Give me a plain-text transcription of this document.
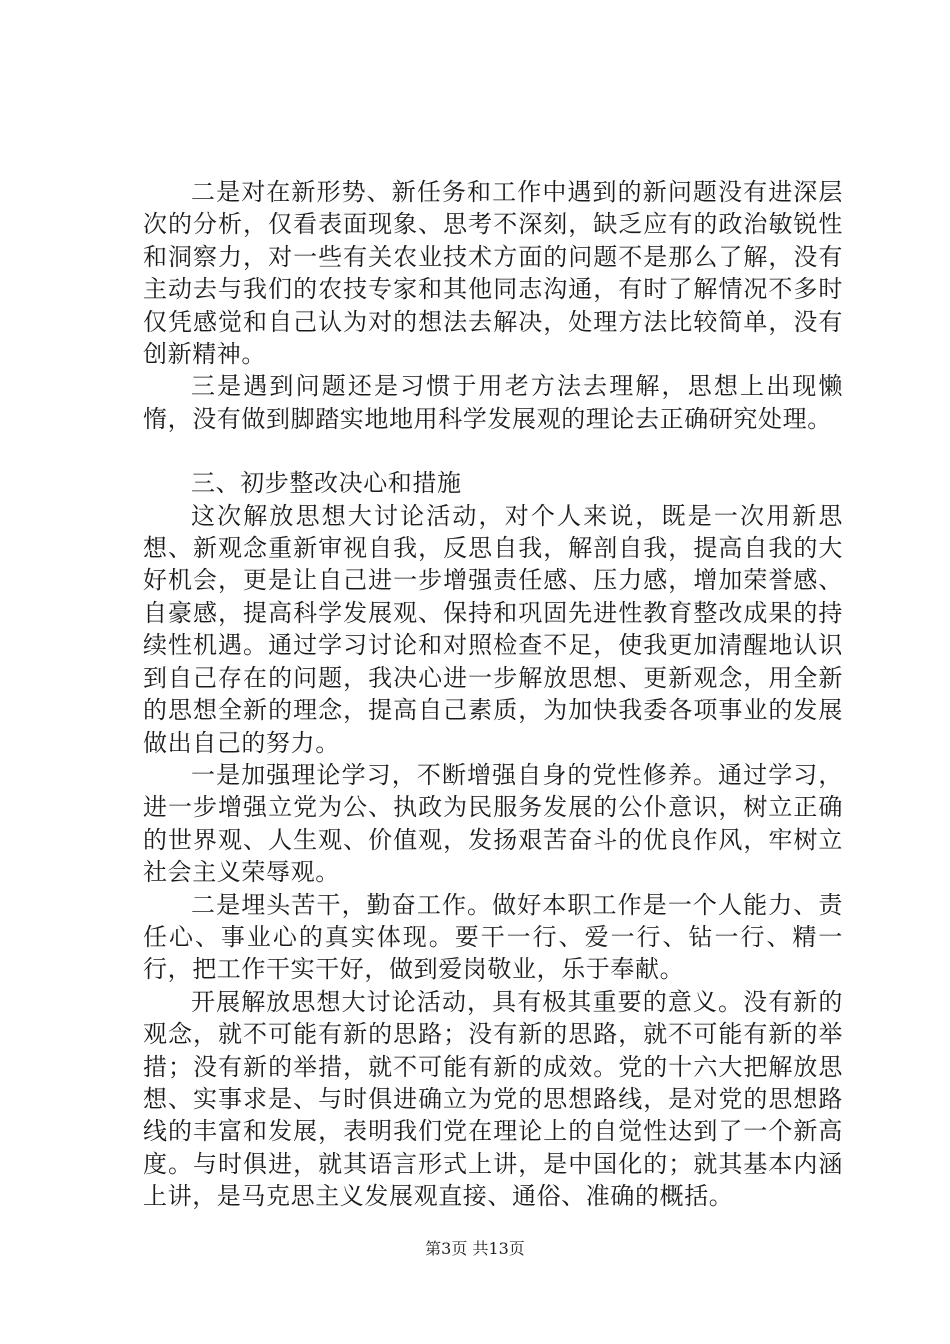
二是对在新形势、新任务和工作中遇到的新问题没有进深层次的分析，仅看表面现象、思考不深刻，缺乏应有的政治敏锐性和洞察力，对一些有关农业技术方面的问题不是那么了解，没有主动去与我们的农技专家和其他同志沟通，有时了解情况不多时仅凭感觉和自己认为对的想法去解决，处理方法比较简单，没有创新精神。

三是遇到问题还是习惯于用老方法去理解，思想上出现懒惰，没有做到脚踏实地地用科学发展观的理论去正确研究处理。

三、初步整改决心和措施

这次解放思想大讨论活动，对个人来说，既是一次用新思想、新观念重新审视自我，反思自我，解剖自我，提高自我的大好机会，更是让自己进一步增强责任感、压力感，增加荣誉感、自豪感，提高科学发展观、保持和巩固先进性教育整改成果的持续性机遇。通过学习讨论和对照检查不足，使我更加清醒地认识到自己存在的问题，我决心进一步解放思想、更新观念，用全新的思想全新的理念，提高自己素质，为加快我委各项事业的发展做出自己的努力。

一是加强理论学习，不断增强自身的党性修养。通过学习，进一步增强立党为公、执政为民服务发展的公仆意识，树立正确的世界观、人生观、价值观，发扬艰苦奋斗的优良作风，牢树立社会主义荣辱观。

二是埋头苦干，勤奋工作。做好本职工作是一个人能力、责任心、事业心的真实体现。要干一行、爱一行、钻一行、精一行，把工作干实干好，做到爱岗敬业，乐于奉献。

开展解放思想大讨论活动，具有极其重要的意义。没有新的观念，就不可能有新的思路；没有新的思路，就不可能有新的举措；没有新的举措，就不可能有新的成效。党的十六大把解放思想、实事求是、与时俱进确立为党的思想路线，是对党的思想路线的丰富和发展，表明我们党在理论上的自觉性达到了一个新高度。与时俱进，就其语言形式上讲，是中国化的；就其基本内涵上讲，是马克思主义发展观直接、通俗、准确的概括。

第3页 共13页
